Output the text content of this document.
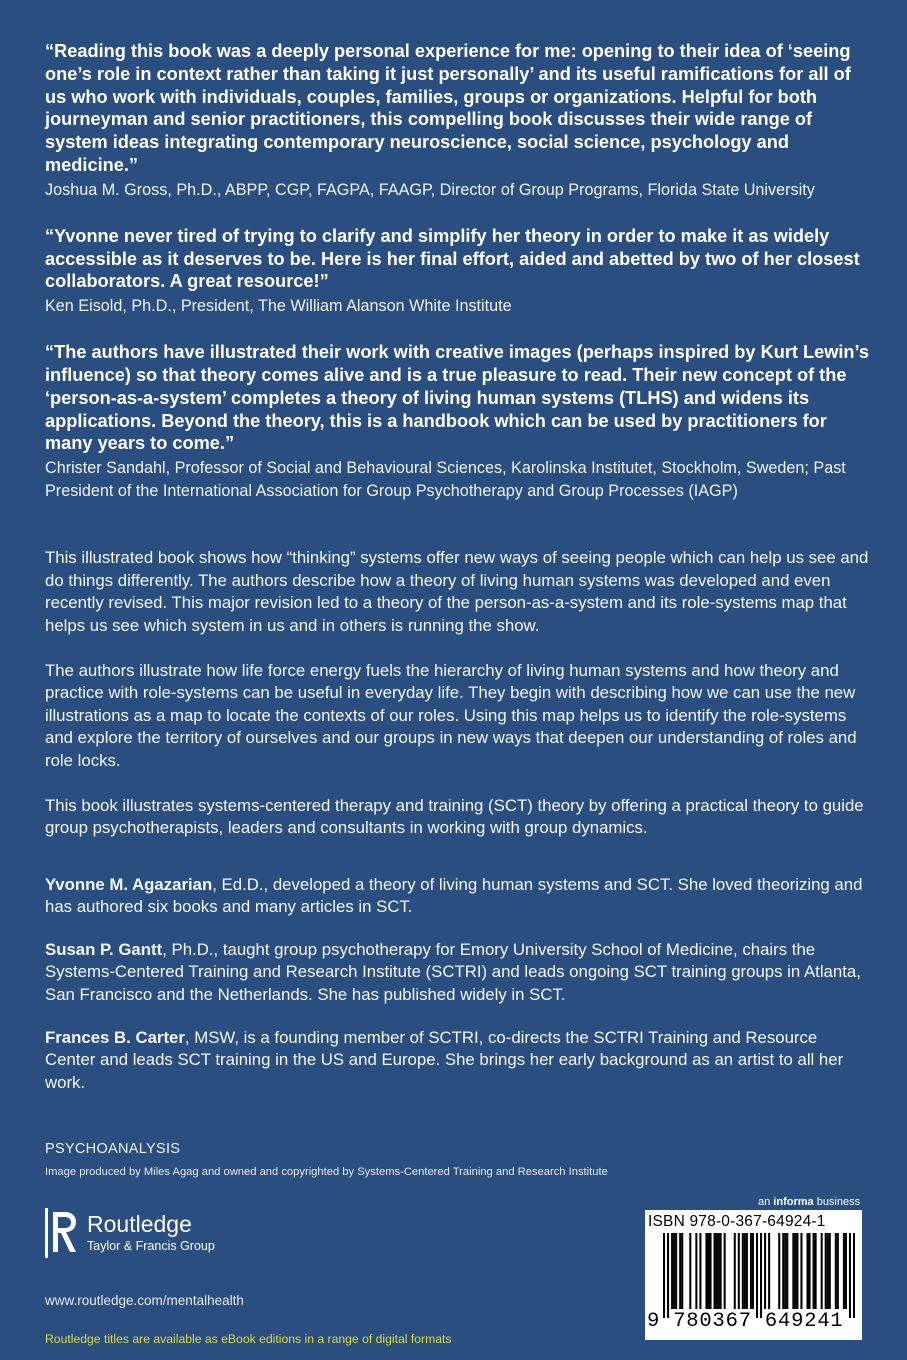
“Reading this book was a deeply personal experience for me: opening to their idea of ‘seeing one’s role in context rather than taking it just personally’ and its useful ramifications for all of us who work with individuals, couples, families, groups or organizations. Helpful for both journeyman and senior practitioners, this compelling book discusses their wide range of system ideas integrating contemporary neuroscience, social science, psychology and medicine.”

Joshua M. Gross, Ph.D., ABPP, CGP, FAGPA, FAAGP, Director of Group Programs, Florida State University

“Yvonne never tired of trying to clarify and simplify her theory in order to make it as widely accessible as it deserves to be. Here is her final effort, aided and abetted by two of her closest collaborators. A great resource!”

Ken Eisold, Ph.D., President, The William Alanson White Institute

“The authors have illustrated their work with creative images (perhaps inspired by Kurt Lewin’s influence) so that theory comes alive and is a true pleasure to read. Their new concept of the ‘person-as-a-system’ completes a theory of living human systems (TLHS) and widens its applications. Beyond the theory, this is a handbook which can be used by practitioners for many years to come.”

Christer Sandahl, Professor of Social and Behavioural Sciences, Karolinska Institutet, Stockholm, Sweden; Past President of the International Association for Group Psychotherapy and Group Processes (IAGP)

This illustrated book shows how “thinking” systems offer new ways of seeing people which can help us see and do things differently. The authors describe how a theory of living human systems was developed and even recently revised. This major revision led to a theory of the person-as-a-system and its role-systems map that helps us see which system in us and in others is running the show.

The authors illustrate how life force energy fuels the hierarchy of living human systems and how theory and practice with role-systems can be useful in everyday life. They begin with describing how we can use the new illustrations as a map to locate the contexts of our roles. Using this map helps us to identify the role-systems and explore the territory of ourselves and our groups in new ways that deepen our understanding of roles and role locks.

This book illustrates systems-centered therapy and training (SCT) theory by offering a practical theory to guide group psychotherapists, leaders and consultants in working with group dynamics.

Yvonne M. Agazarian, Ed.D., developed a theory of living human systems and SCT. She loved theorizing and has authored six books and many articles in SCT.

Susan P. Gantt, Ph.D., taught group psychotherapy for Emory University School of Medicine, chairs the Systems-Centered Training and Research Institute (SCTRI) and leads ongoing SCT training groups in Atlanta, San Francisco and the Netherlands. She has published widely in SCT.

Frances B. Carter, MSW, is a founding member of SCTRI, co-directs the SCTRI Training and Resource Center and leads SCT training in the US and Europe. She brings her early background as an artist to all her work.

PSYCHOANALYSIS
Image produced by Miles Agag and owned and copyrighted by Systems-Centered Training and Research Institute
Routledge
Taylor & Francis Group
www.routledge.com/mentalhealth
Routledge titles are available as eBook editions in a range of digital formats
an informa business
ISBN 978-0-367-64924-1
9 780367 649241
